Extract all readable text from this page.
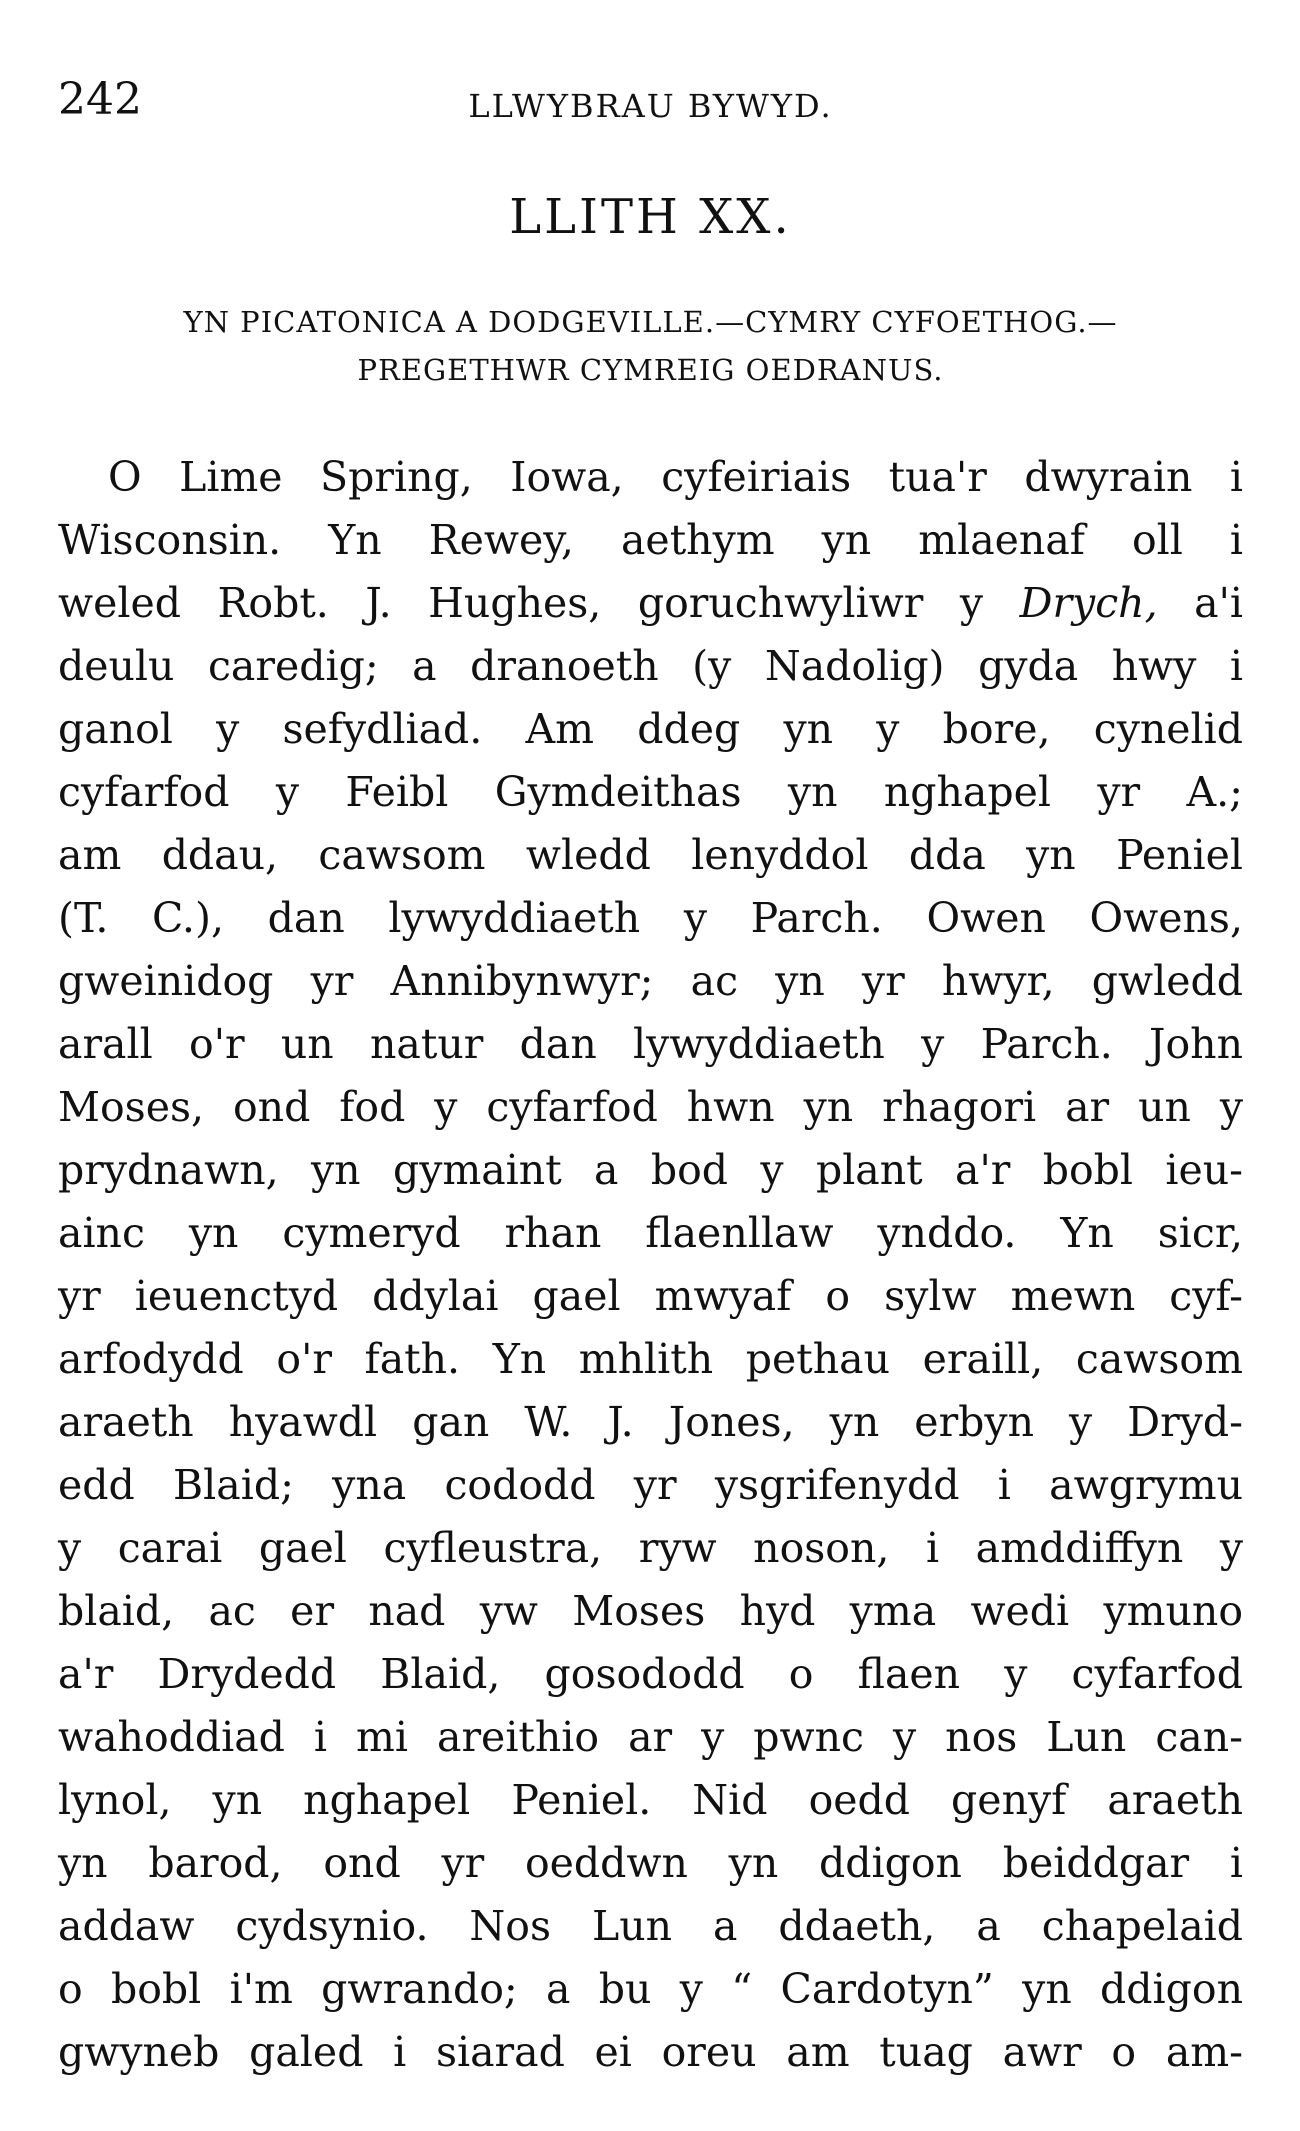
242	LLWYBRAU BYWYD.
LLITH XX.
YN PICATONICA A DODGEVILLE.—CYMRY CYFOETHOG.—
PREGETHWR CYMREIG OEDRANUS.
O Lime Spring, Iowa, cyfeiriais tua'r dwyrain i
Wisconsin. Yn Rewey, aethym yn mlaenaf oll i
weled Robt. J. Hughes, goruchwyliwr y Drych, a'i
deulu caredig; a dranoeth (y Nadolig) gyda hwy i
ganol y sefydliad. Am ddeg yn y bore, cynelid
cyfarfod y Feibl Gymdeithas yn nghapel yr A.;
am ddau, cawsom wledd lenyddol dda yn Peniel
(T. C.), dan lywyddiaeth y Parch. Owen Owens,
gweinidog yr Annibynwyr; ac yn yr hwyr, gwledd
arall o'r un natur dan lywyddiaeth y Parch. John
Moses, ond fod y cyfarfod hwn yn rhagori ar un y
prydnawn, yn gymaint a bod y plant a'r bobl ieu-
ainc yn cymeryd rhan flaenllaw ynddo. Yn sicr,
yr ieuenctyd ddylai gael mwyaf o sylw mewn cyf-
arfodydd o'r fath. Yn mhlith pethau eraill, cawsom
araeth hyawdl gan W. J. Jones, yn erbyn y Dryd-
edd Blaid; yna cododd yr ysgrifenydd i awgrymu
y carai gael cyfleustra, ryw noson, i amddiffyn y
blaid, ac er nad yw Moses hyd yma wedi ymuno
a'r Drydedd Blaid, gosododd o flaen y cyfarfod
wahoddiad i mi areithio ar y pwnc y nos Lun can-
lynol, yn nghapel Peniel. Nid oedd genyf araeth
yn barod, ond yr oeddwn yn ddigon beiddgar i
addaw cydsynio. Nos Lun a ddaeth, a chapelaid
o bobl i'm gwrando; a bu y “ Cardotyn” yn ddigon
gwyneb galed i siarad ei oreu am tuag awr o am-
